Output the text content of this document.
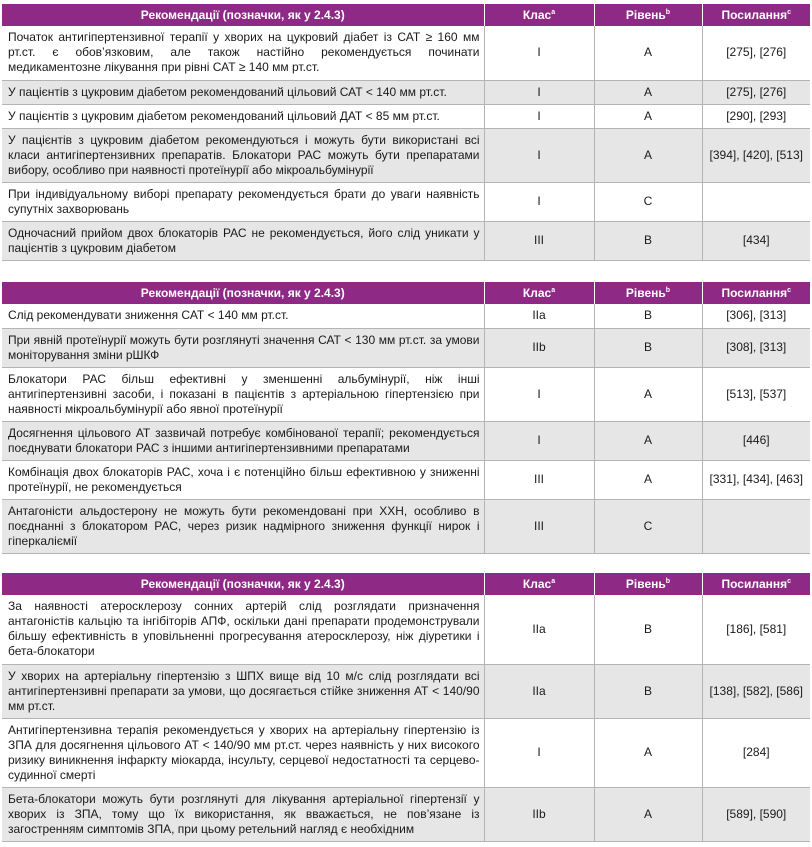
Рекомендації (позначки, як у 2.4.3)	Клас$^a$	Рівень$^b$	Посилання$^c$
Початок антигіпертензивної терапії у хворих на цукровий діабет із САТ ≥ 160 мм рт.ст. є обов’язковим, але також настійно рекомендується починати медикаментозне лікування при рівні САТ ≥ 140 мм рт.ст.	I	A	[275], [276]
У пацієнтів з цукровим діабетом рекомендований цільовий САТ < 140 мм рт.ст.	I	A	[275], [276]
У пацієнтів з цукровим діабетом рекомендований цільовий ДАТ < 85 мм рт.ст.	I	A	[290], [293]
У пацієнтів з цукровим діабетом рекомендуються і можуть бути використані всі класи антигіпертензивних препаратів. Блокатори РАС можуть бути препаратами вибору, особливо при наявності протеїнурії або мікроальбумінурії	I	A	[394], [420], [513]
При індивідуальному виборі препарату рекомендується брати до уваги наявність супутніх захворювань	I	C	
Одночасний прийом двох блокаторів РАС не рекомендується, його слід уникати у пацієнтів з цукровим діабетом	III	B	[434]
Рекомендації (позначки, як у 2.4.3)	Клас$^a$	Рівень$^b$	Посилання$^c$
Слід рекомендувати зниження САТ < 140 мм рт.ст.	IIa	B	[306], [313]
При явній протеїнурії можуть бути розглянуті значення САТ < 130 мм рт.ст. за умови моніторування зміни рШКФ	IIb	B	[308], [313]
Блокатори РАС більш ефективні у зменшенні альбумінурії, ніж інші антигіпертензивні засоби, і показані в пацієнтів з артеріальною гіпертензією при наявності мікроальбумінурії або явної протеїнурії	I	A	[513], [537]
Досягнення цільового АТ зазвичай потребує комбінованої терапії; рекомендується поєднувати блокатори РАС з іншими антигіпертензивними препаратами	I	A	[446]
Комбінація двох блокаторів РАС, хоча і є потенційно більш ефективною у зниженні протеїнурії, не рекомендується	III	A	[331], [434], [463]
Антагоністи альдостерону не можуть бути рекомендовані при ХХН, особливо в поєднанні з блокатором РАС, через ризик надмірного зниження функції нирок і гіперкаліємії	III	C	
Рекомендації (позначки, як у 2.4.3)	Клас$^a$	Рівень$^b$	Посилання$^c$
За наявності атеросклерозу сонних артерій слід розглядати призначення антагоністів кальцію та інгібіторів АПФ, оскільки дані препарати продемонстрували більшу ефективність в уповільненні прогресування атеросклерозу, ніж діуретики і бета-блокатори	IIa	B	[186], [581]
У хворих на артеріальну гіпертензію з ШПХ вище від 10 м/с слід розглядати всі антигіпертензивні препарати за умови, що досягається стійке зниження АТ < 140/90 мм рт.ст.	IIa	B	[138], [582], [586]
Антигіпертензивна терапія рекомендується у хворих на артеріальну гіпертензію із ЗПА для досягнення цільового АТ < 140/90 мм рт.ст. через наявність у них високого ризику виникнення інфаркту міокарда, інсульту, серцевої недостатності та серцево-судинної смерті	I	A	[284]
Бета-блокатори можуть бути розглянуті для лікування артеріальної гіпертензії у хворих із ЗПА, тому що їх використання, як вважається, не пов’язане із загостренням симптомів ЗПА, при цьому ретельний нагляд є необхідним	IIb	A	[589], [590]
